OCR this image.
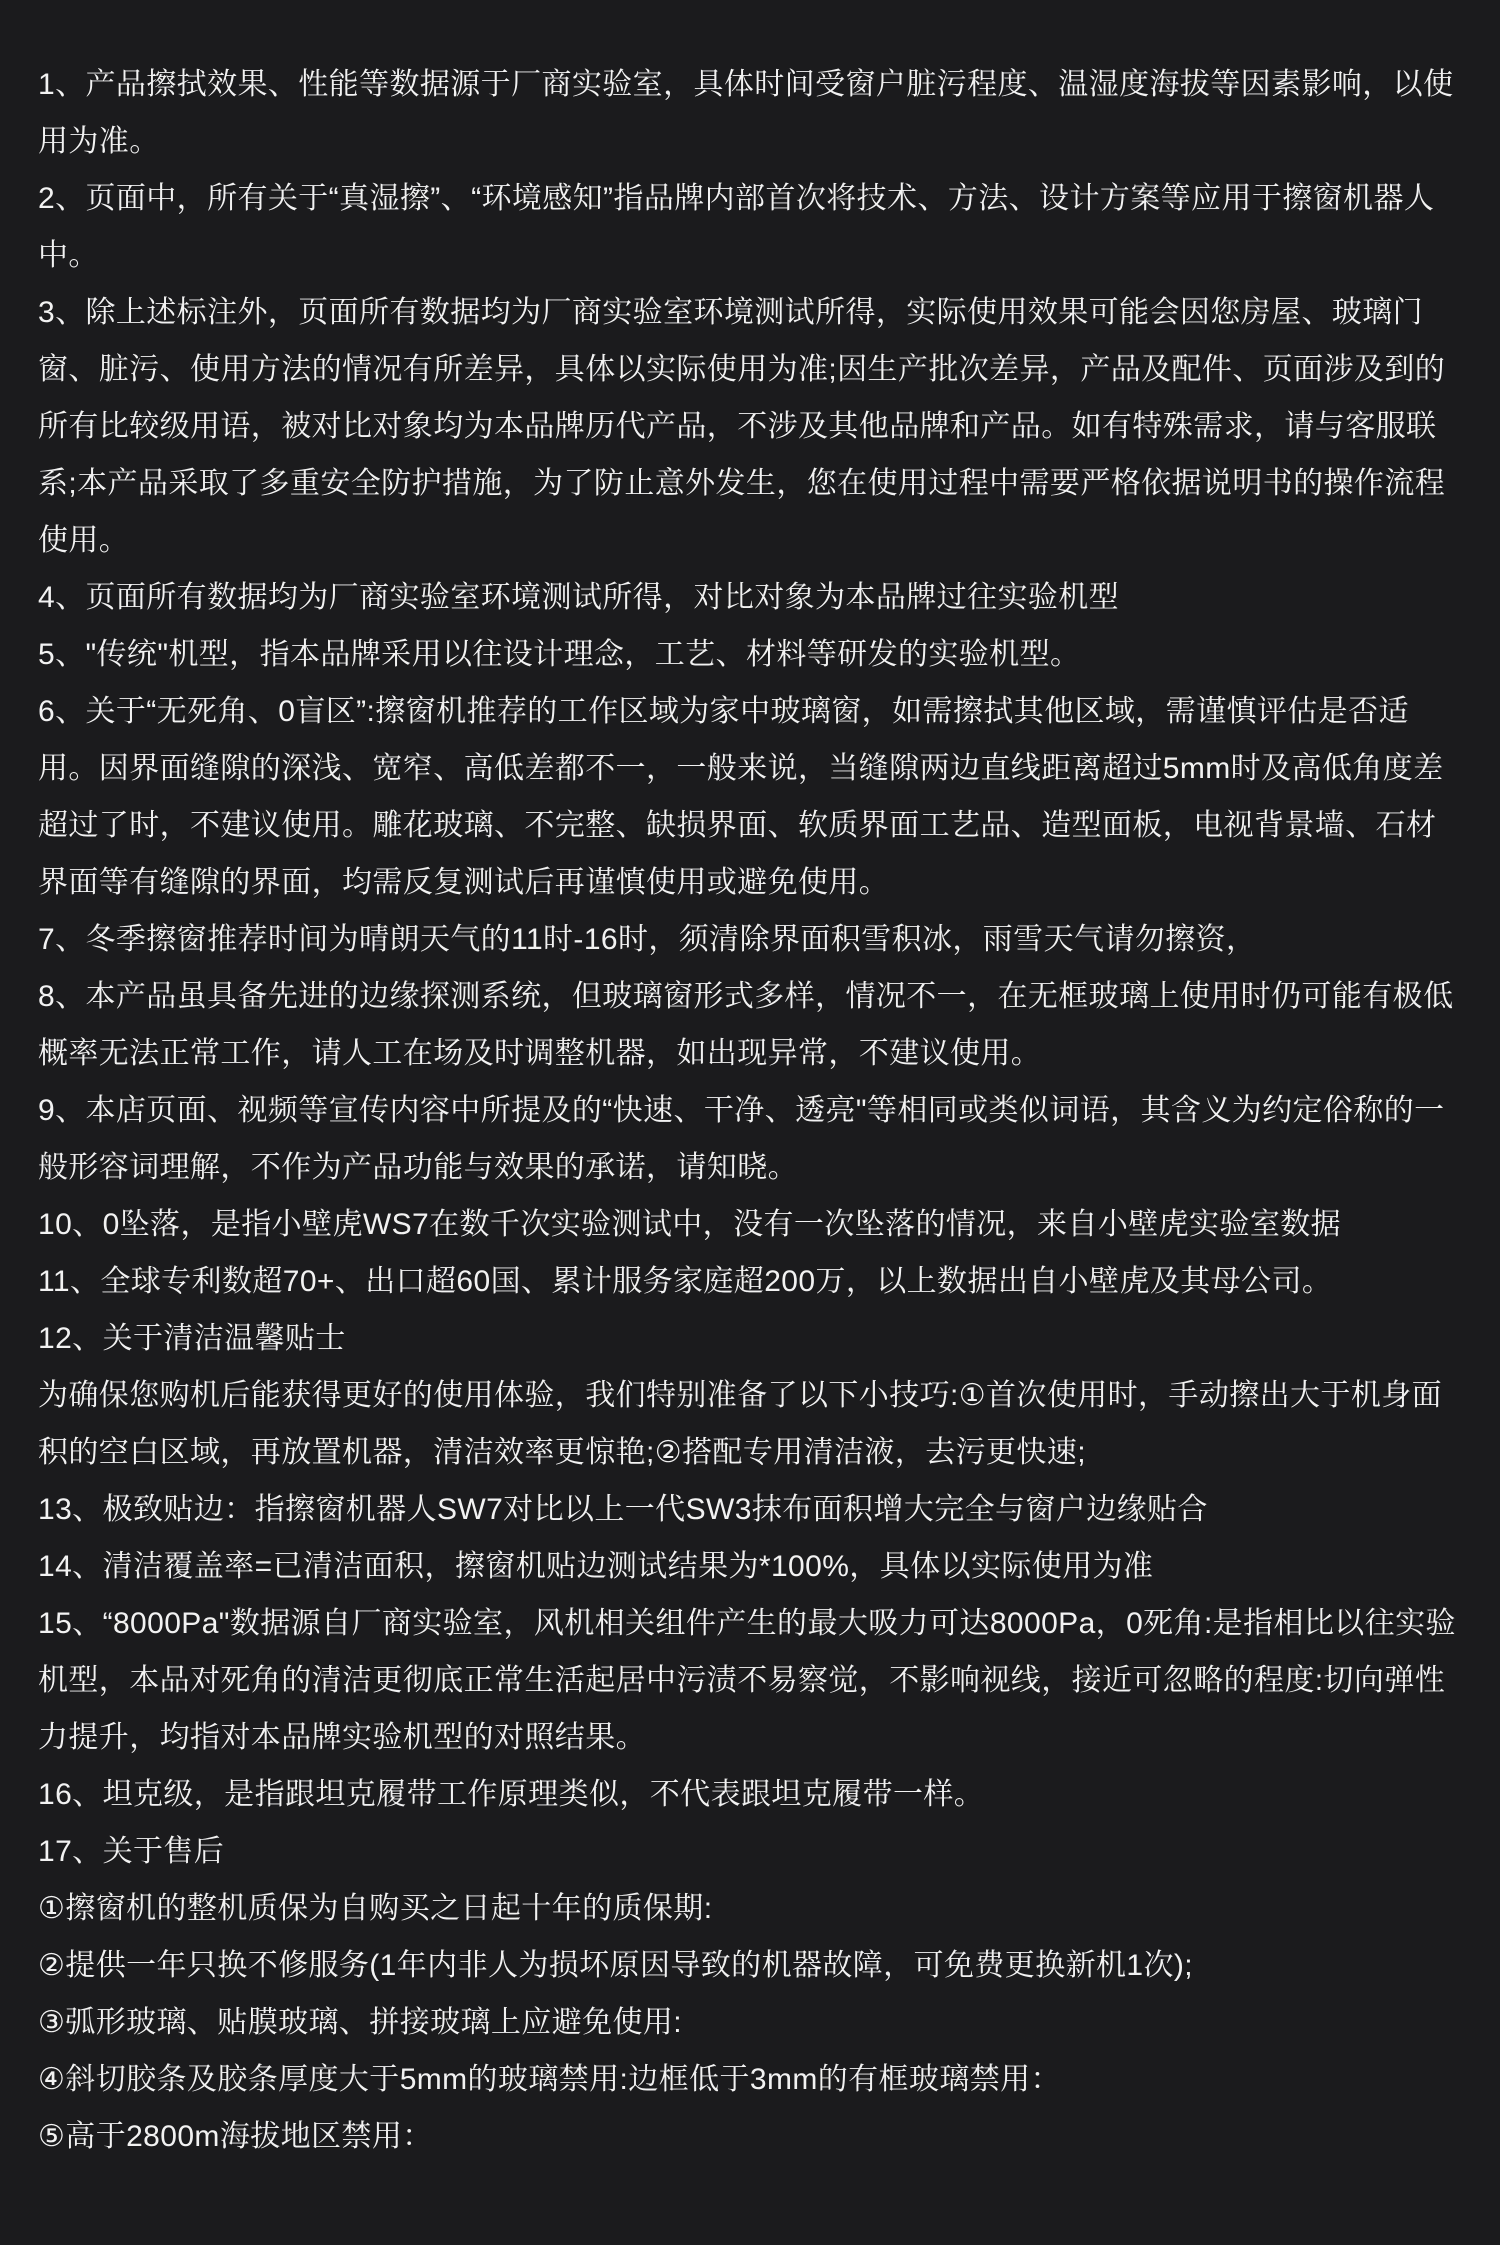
1、产品擦拭效果、性能等数据源于厂商实验室，具体时间受窗户脏污程度、温湿度海拔等因素影响，以使用为准。

2、页面中，所有关于“真湿擦”、“环境感知”指品牌内部首次将技术、方法、设计方案等应用于擦窗机器人中。

3、除上述标注外，页面所有数据均为厂商实验室环境测试所得，实际使用效果可能会因您房屋、玻璃门窗、脏污、使用方法的情况有所差异，具体以实际使用为准;因生产批次差异，产品及配件、页面涉及到的所有比较级用语，被对比对象均为本品牌历代产品，不涉及其他品牌和产品。如有特殊需求，请与客服联系;本产品采取了多重安全防护措施，为了防止意外发生，您在使用过程中需要严格依据说明书的操作流程使用。

4、页面所有数据均为厂商实验室环境测试所得，对比对象为本品牌过往实验机型

5、"传统"机型，指本品牌采用以往设计理念，工艺、材料等研发的实验机型。

6、关于“无死角、0盲区”:擦窗机推荐的工作区域为家中玻璃窗，如需擦拭其他区域，需谨慎评估是否适用。因界面缝隙的深浅、宽窄、高低差都不一，一般来说，当缝隙两边直线距离超过5mm时及高低角度差超过了时，不建议使用。雕花玻璃、不完整、缺损界面、软质界面工艺品、造型面板，电视背景墙、石材界面等有缝隙的界面，均需反复测试后再谨慎使用或避免使用。

7、冬季擦窗推荐时间为晴朗天气的11时-16时，须清除界面积雪积冰，雨雪天气请勿擦资，

8、本产品虽具备先进的边缘探测系统，但玻璃窗形式多样，情况不一，在无框玻璃上使用时仍可能有极低概率无法正常工作，请人工在场及时调整机器，如出现异常，不建议使用。

9、本店页面、视频等宣传内容中所提及的“快速、干净、透亮"等相同或类似词语，其含义为约定俗称的一般形容词理解，不作为产品功能与效果的承诺，请知晓。

10、0坠落，是指小壁虎WS7在数千次实验测试中，没有一次坠落的情况，来自小壁虎实验室数据

11、全球专利数超70+、出口超60国、累计服务家庭超200万，以上数据出自小壁虎及其母公司。

12、关于清洁温馨贴士

为确保您购机后能获得更好的使用体验，我们特别准备了以下小技巧:①首次使用时，手动擦出大于机身面积的空白区域，再放置机器，清洁效率更惊艳;②搭配专用清洁液，去污更快速;

13、极致贴边：指擦窗机器人SW7对比以上一代SW3抹布面积增大完全与窗户边缘贴合

14、清洁覆盖率=已清洁面积，擦窗机贴边测试结果为*100%，具体以实际使用为准

15、“8000Pa"数据源自厂商实验室，风机相关组件产生的最大吸力可达8000Pa，0死角:是指相比以往实验机型，本品对死角的清洁更彻底正常生活起居中污渍不易察觉，不影响视线，接近可忽略的程度:切向弹性力提升，均指对本品牌实验机型的对照结果。

16、坦克级，是指跟坦克履带工作原理类似，不代表跟坦克履带一样。

17、关于售后

①擦窗机的整机质保为自购买之日起十年的质保期:

②提供一年只换不修服务(1年内非人为损坏原因导致的机器故障，可免费更换新机1次);

③弧形玻璃、贴膜玻璃、拼接玻璃上应避免使用:

④斜切胶条及胶条厚度大于5mm的玻璃禁用:边框低于3mm的有框玻璃禁用：

⑤高于2800m海拔地区禁用：
